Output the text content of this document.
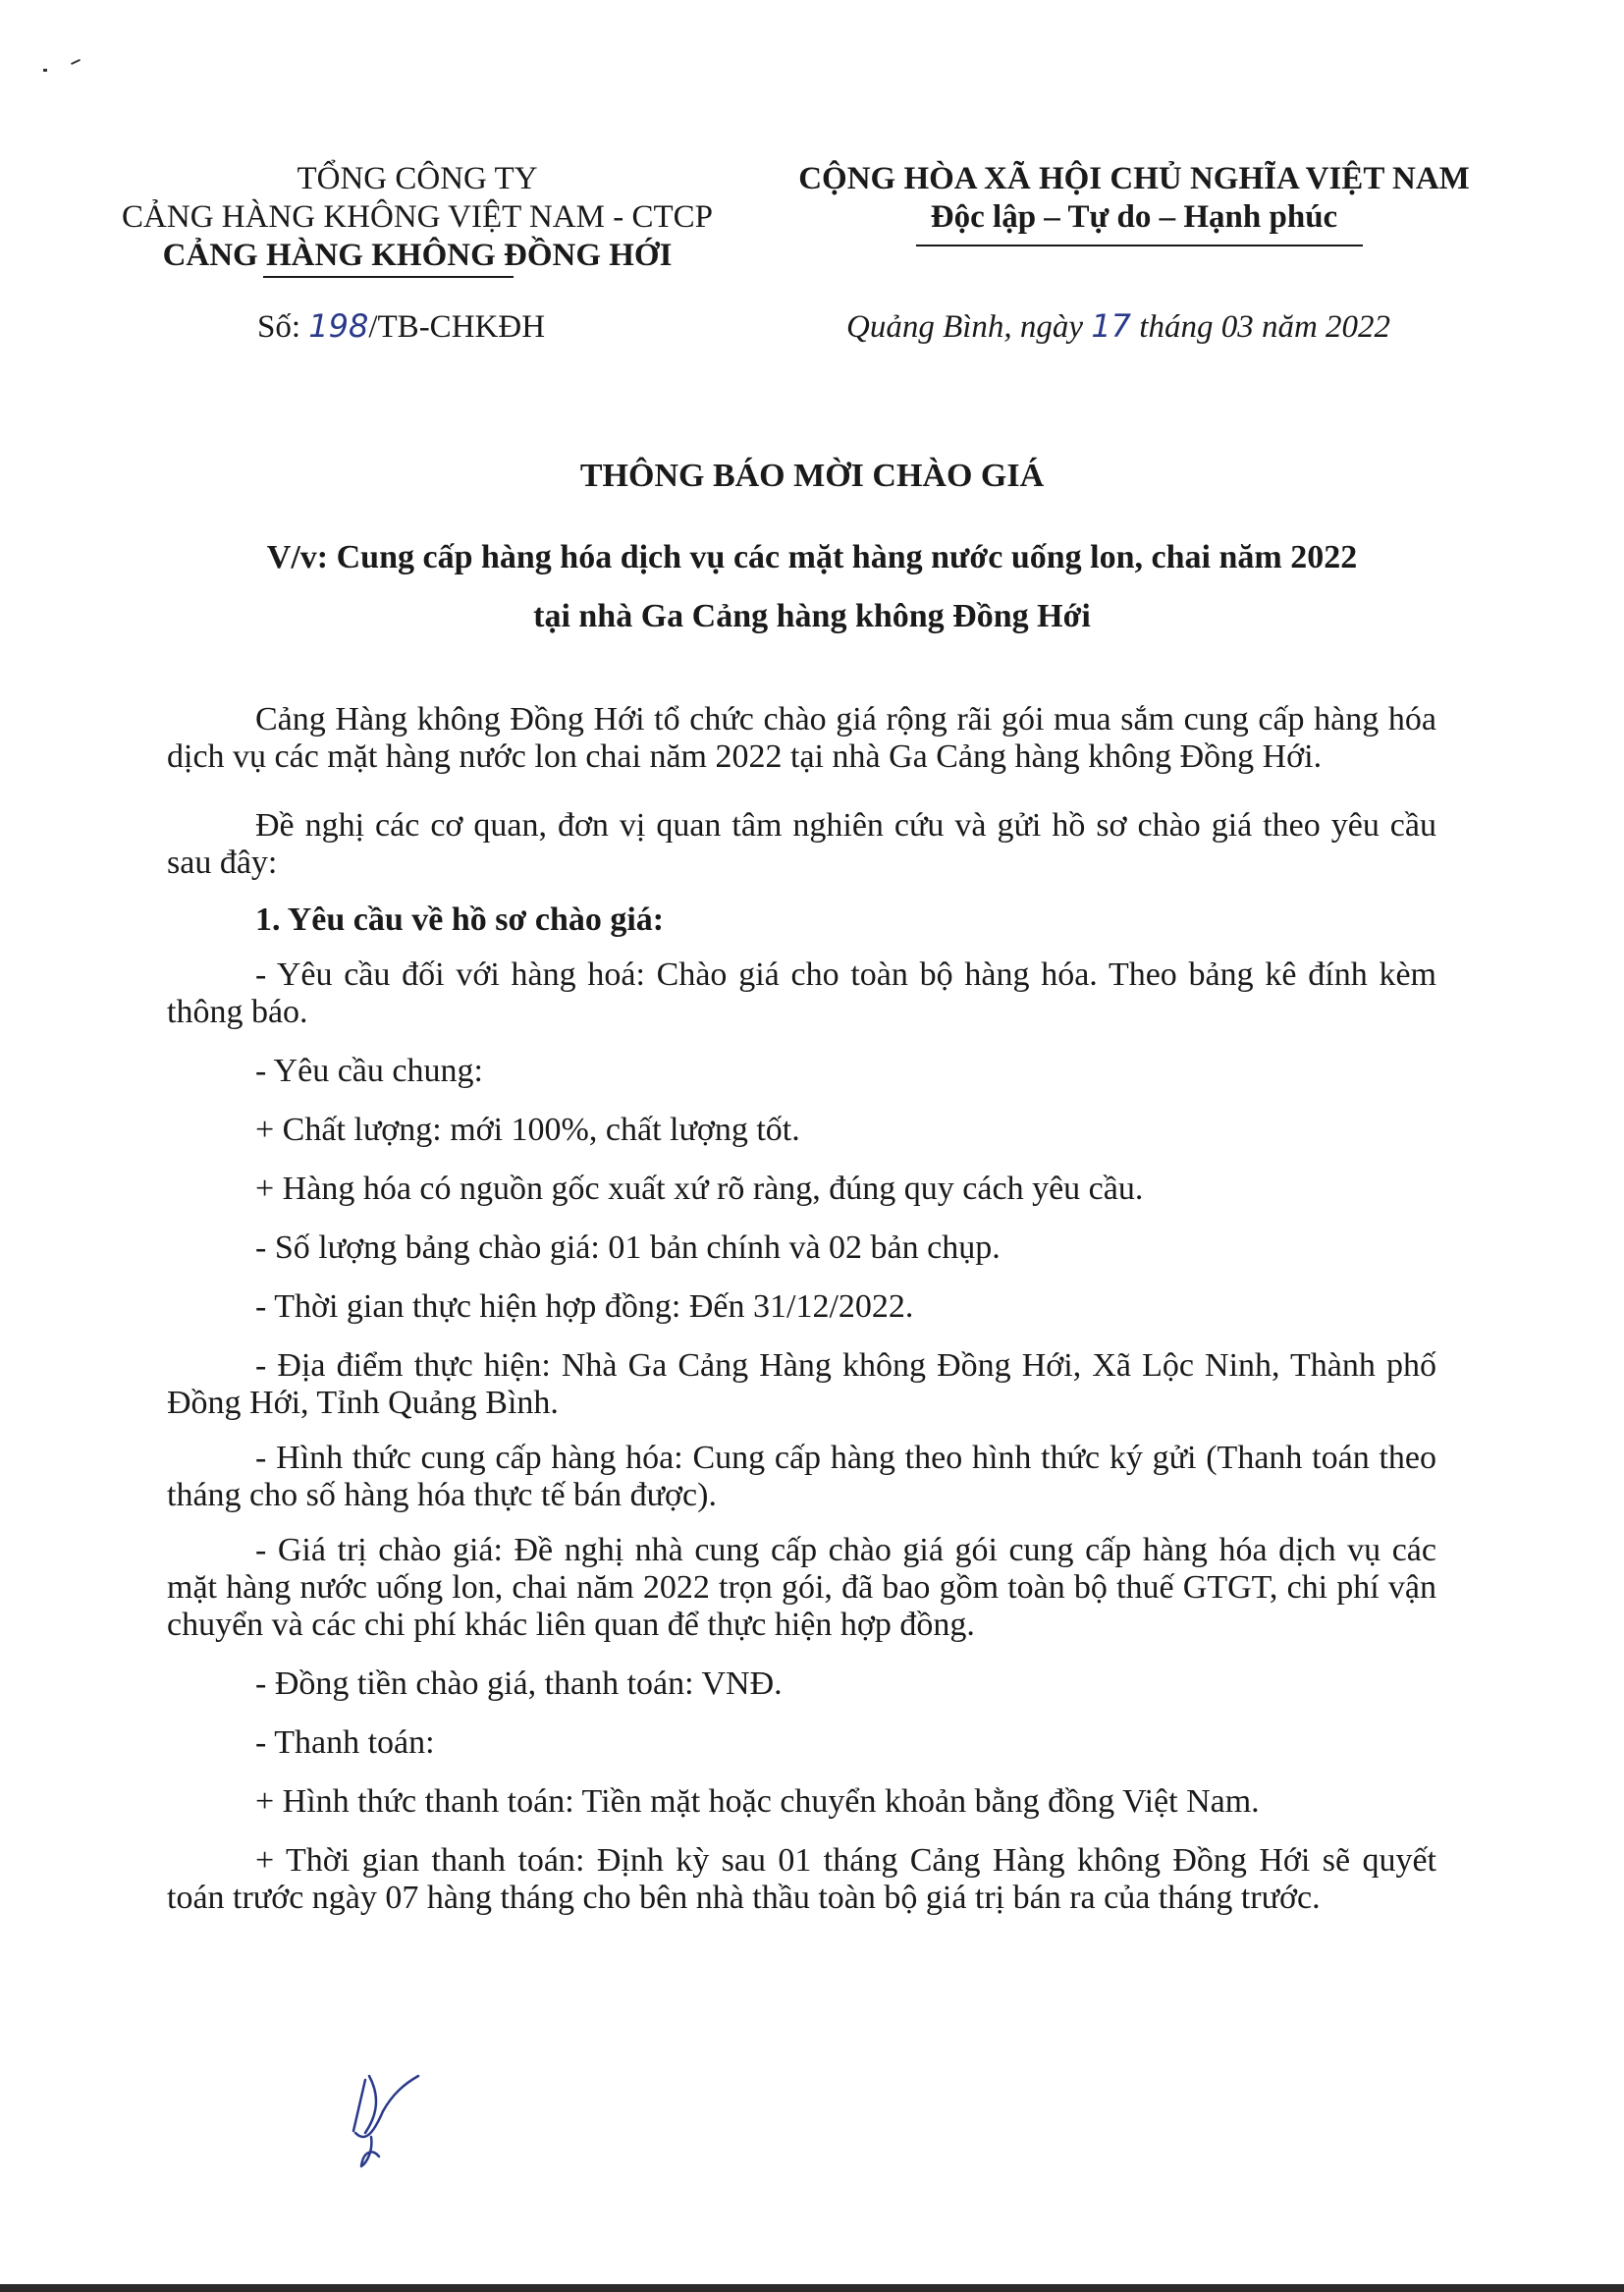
TỔNG CÔNG TY
CẢNG HÀNG KHÔNG VIỆT NAM - CTCP
CẢNG HÀNG KHÔNG ĐỒNG HỚI
Số: 198/TB-CHKĐH
CỘNG HÒA XÃ HỘI CHỦ NGHĨA VIỆT NAM
Độc lập – Tự do – Hạnh phúc
Quảng Bình, ngày 17 tháng 03 năm 2022
THÔNG BÁO MỜI CHÀO GIÁ
V/v: Cung cấp hàng hóa dịch vụ các mặt hàng nước uống lon, chai năm 2022
tại nhà Ga Cảng hàng không Đồng Hới

Cảng Hàng không Đồng Hới tổ chức chào giá rộng rãi gói mua sắm cung cấp hàng hóa dịch vụ các mặt hàng nước lon chai năm 2022 tại nhà Ga Cảng hàng không Đồng Hới.

Đề nghị các cơ quan, đơn vị quan tâm nghiên cứu và gửi hồ sơ chào giá theo yêu cầu sau đây:

1. Yêu cầu về hồ sơ chào giá:

- Yêu cầu đối với hàng hoá: Chào giá cho toàn bộ hàng hóa. Theo bảng kê đính kèm thông báo.

- Yêu cầu chung:

+ Chất lượng: mới 100%, chất lượng tốt.

+ Hàng hóa có nguồn gốc xuất xứ rõ ràng, đúng quy cách yêu cầu.

- Số lượng bảng chào giá: 01 bản chính và 02 bản chụp.

- Thời gian thực hiện hợp đồng: Đến 31/12/2022.

- Địa điểm thực hiện: Nhà Ga Cảng Hàng không Đồng Hới, Xã Lộc Ninh, Thành phố Đồng Hới, Tỉnh Quảng Bình.

- Hình thức cung cấp hàng hóa: Cung cấp hàng theo hình thức ký gửi (Thanh toán theo tháng cho số hàng hóa thực tế bán được).

- Giá trị chào giá: Đề nghị nhà cung cấp chào giá gói cung cấp hàng hóa dịch vụ các mặt hàng nước uống lon, chai năm 2022 trọn gói, đã bao gồm toàn bộ thuế GTGT, chi phí vận chuyển và các chi phí khác liên quan để thực hiện hợp đồng.

- Đồng tiền chào giá, thanh toán: VNĐ.

- Thanh toán:

+ Hình thức thanh toán: Tiền mặt hoặc chuyển khoản bằng đồng Việt Nam.

+ Thời gian thanh toán: Định kỳ sau 01 tháng Cảng Hàng không Đồng Hới sẽ quyết toán trước ngày 07 hàng tháng cho bên nhà thầu toàn bộ giá trị bán ra của tháng trước.
